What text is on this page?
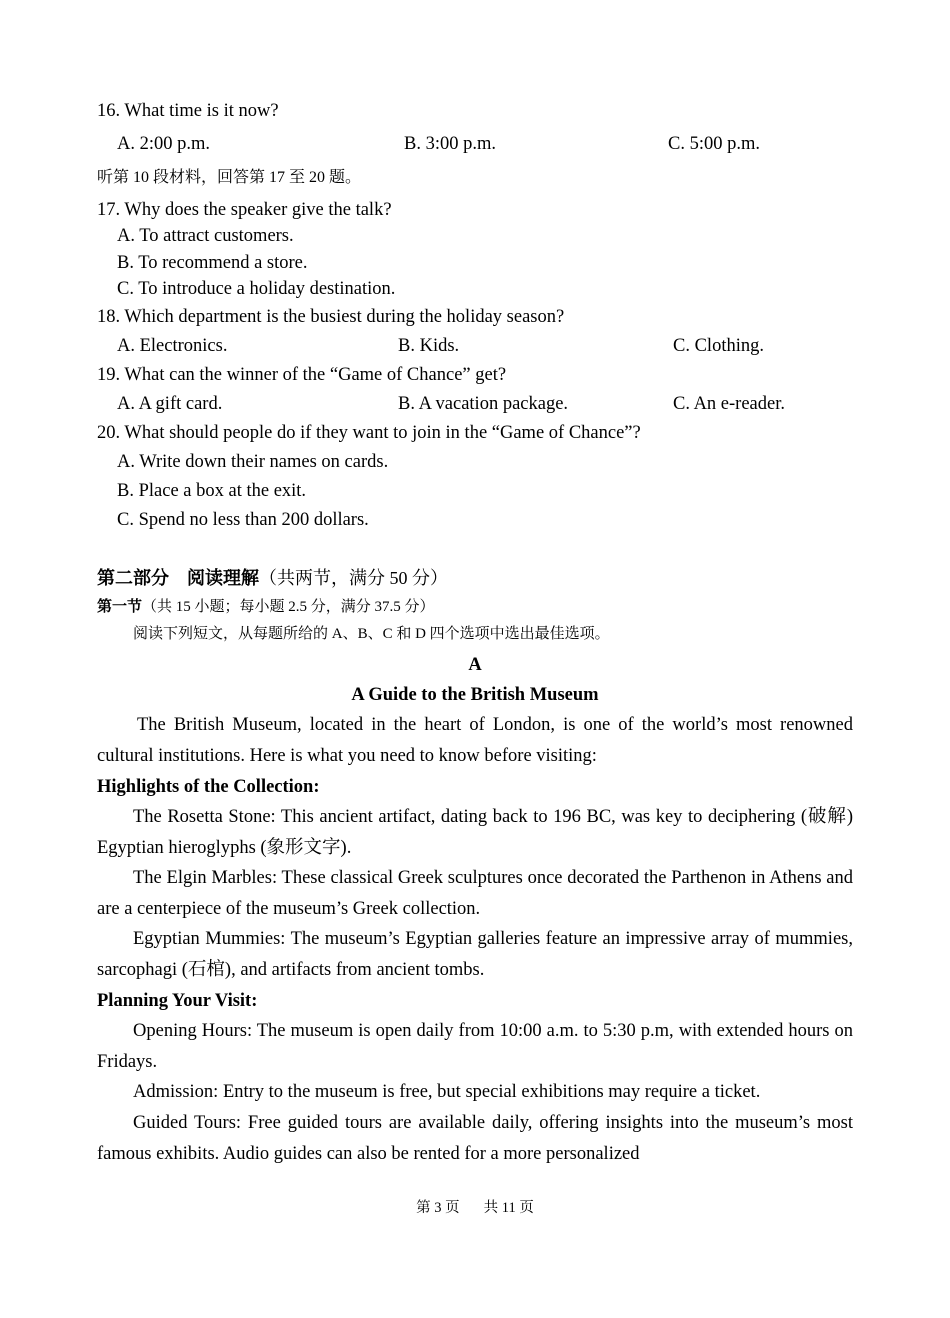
16. What time is it now?
A. 2:00 p.m.	B. 3:00 p.m.	C. 5:00 p.m.
听第 10 段材料，回答第 17 至 20 题。
17. Why does the speaker give the talk?
A. To attract customers.
B. To recommend a store.
C. To introduce a holiday destination.
18. Which department is the busiest during the holiday season?
A. Electronics.	B. Kids.	C. Clothing.
19. What can the winner of the “Game of Chance” get?
A. A gift card.	B. A vacation package.	C. An e-reader.
20. What should people do if they want to join in the “Game of Chance”?
A. Write down their names on cards.
B. Place a box at the exit.
C. Spend no less than 200 dollars.
第二部分　阅读理解（共两节，满分 50 分）
第一节（共 15 小题；每小题 2.5 分，满分 37.5 分）
阅读下列短文，从每题所给的 A、B、C 和 D 四个选项中选出最佳选项。
A
A Guide to the British Museum
The British Museum, located in the heart of London, is one of the world’s most renowned cultural institutions. Here is what you need to know before visiting:
Highlights of the Collection:
The Rosetta Stone: This ancient artifact, dating back to 196 BC, was key to deciphering (破解) Egyptian hieroglyphs (象形文字).
The Elgin Marbles: These classical Greek sculptures once decorated the Parthenon in Athens and are a centerpiece of the museum’s Greek collection.
Egyptian Mummies: The museum’s Egyptian galleries feature an impressive array of mummies, sarcophagi (石棺), and artifacts from ancient tombs.
Planning Your Visit:
Opening Hours: The museum is open daily from 10:00 a.m. to 5:30 p.m, with extended hours on Fridays.
Admission: Entry to the museum is free, but special exhibitions may require a ticket.
Guided Tours: Free guided tours are available daily, offering insights into the museum’s most famous exhibits. Audio guides can also be rented for a more personalized
第 3 页 共 11 页
